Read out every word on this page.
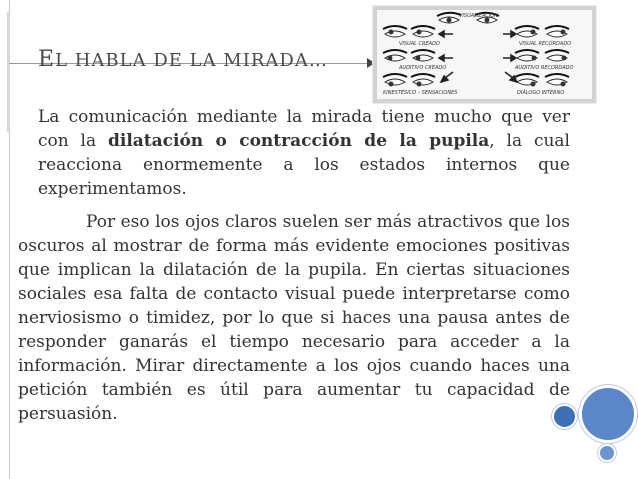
EL HABLA DE LA MIRADA…
VISUALIZACIÓN
VISUAL CREADO	VISUAL RECORDADO
AUDITIVO CREADO	AUDITIVO RECORDADO
KINESTÉSICO – SENSACIONES	DIÁLOGO INTERNO
La comunicación mediante la mirada tiene mucho que ver con la dilatación o contracción de la pupila, la cual reacciona enormemente a los estados internos que experimentamos.
Por eso los ojos claros suelen ser más atractivos que los oscuros al mostrar de forma más evidente emociones positivas que implican la dilatación de la pupila. En ciertas situaciones sociales esa falta de contacto visual puede interpretarse como nerviosismo o timidez, por lo que si haces una pausa antes de responder ganarás el tiempo necesario para acceder a la información. Mirar directamente a los ojos cuando haces una petición también es útil para aumentar tu capacidad de persuasión.
